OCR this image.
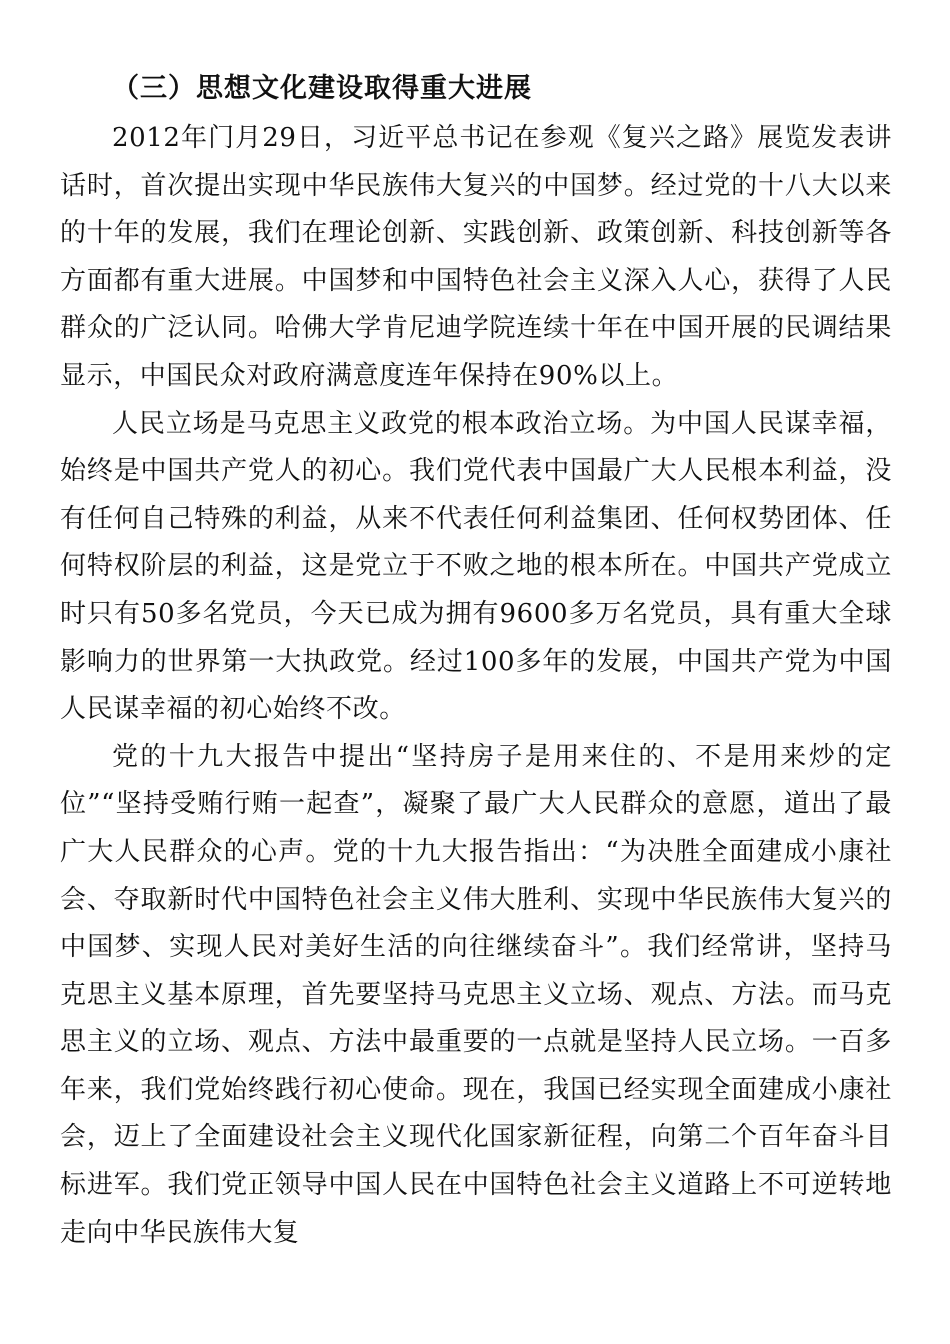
（三）思想文化建设取得重大进展

2012年门月29日，习近平总书记在参观《复兴之路》展览发表讲话时，首次提出实现中华民族伟大复兴的中国梦。经过党的十八大以来的十年的发展，我们在理论创新、实践创新、政策创新、科技创新等各方面都有重大进展。中国梦和中国特色社会主义深入人心，获得了人民群众的广泛认同。哈佛大学肯尼迪学院连续十年在中国开展的民调结果显示，中国民众对政府满意度连年保持在90%以上。

人民立场是马克思主义政党的根本政治立场。为中国人民谋幸福，始终是中国共产党人的初心。我们党代表中国最广大人民根本利益，没有任何自己特殊的利益，从来不代表任何利益集团、任何权势团体、任何特权阶层的利益，这是党立于不败之地的根本所在。中国共产党成立时只有50多名党员，今天已成为拥有9600多万名党员，具有重大全球影响力的世界第一大执政党。经过100多年的发展，中国共产党为中国人民谋幸福的初心始终不改。

党的十九大报告中提出“坚持房子是用来住的、不是用来炒的定位”“坚持受贿行贿一起查”，凝聚了最广大人民群众的意愿，道出了最广大人民群众的心声。党的十九大报告指出：“为决胜全面建成小康社会、夺取新时代中国特色社会主义伟大胜利、实现中华民族伟大复兴的中国梦、实现人民对美好生活的向往继续奋斗”。我们经常讲，坚持马克思主义基本原理，首先要坚持马克思主义立场、观点、方法。而马克思主义的立场、观点、方法中最重要的一点就是坚持人民立场。一百多年来，我们党始终践行初心使命。现在，我国已经实现全面建成小康社会，迈上了全面建设社会主义现代化国家新征程，向第二个百年奋斗目标进军。我们党正领导中国人民在中国特色社会主义道路上不可逆转地走向中华民族伟大复
